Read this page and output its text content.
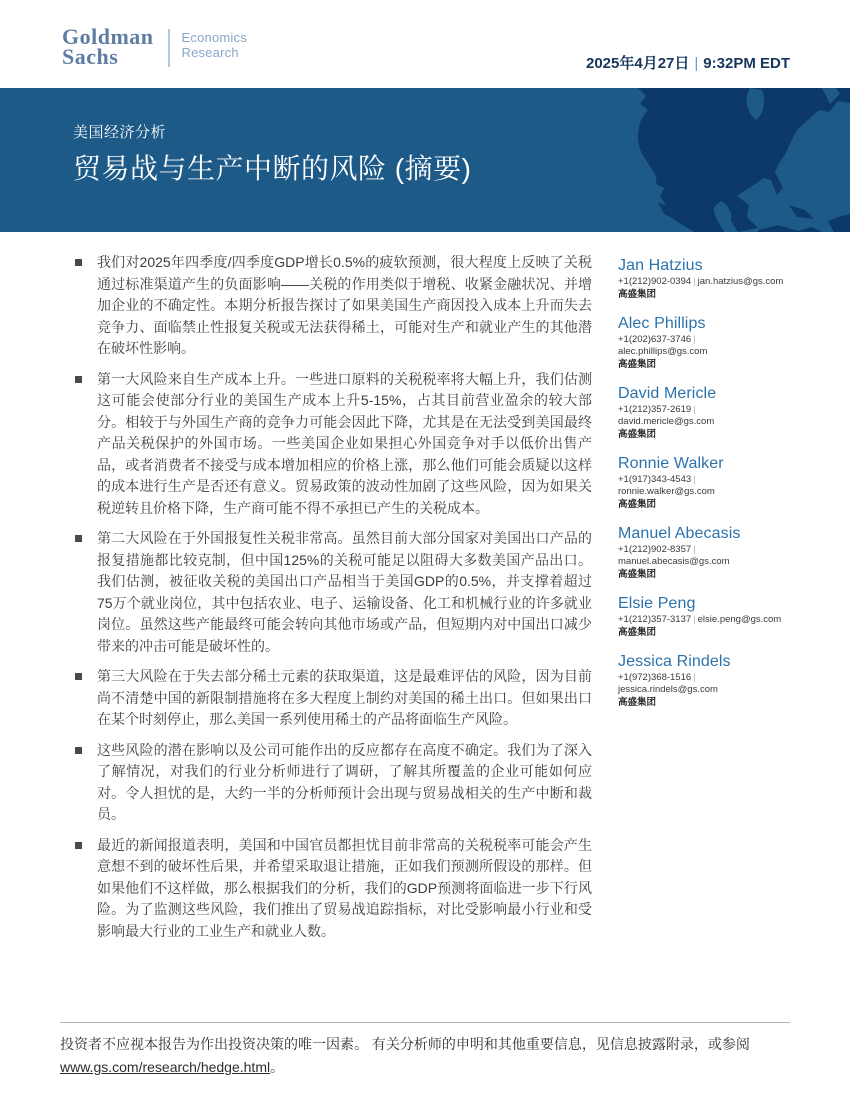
Goldman
Sachs
Economics
Research
2025年4月27日 | 9:32PM EDT
美国经济分析
贸易战与生产中断的风险 (摘要)
我们对2025年四季度/四季度GDP增长0.5%的疲软预测，很大程度上反映了关税通过标准渠道产生的负面影响——关税的作用类似于增税、收紧金融状况、并增加企业的不确定性。本期分析报告探讨了如果美国生产商因投入成本上升而失去竞争力、面临禁止性报复关税或无法获得稀土，可能对生产和就业产生的其他潜在破坏性影响。
第一大风险来自生产成本上升。一些进口原料的关税税率将大幅上升，我们估测这可能会使部分行业的美国生产成本上升5-15%，占其目前营业盈余的较大部分。相较于与外国生产商的竞争力可能会因此下降，尤其是在无法受到美国最终产品关税保护的外国市场。一些美国企业如果担心外国竞争对手以低价出售产品，或者消费者不接受与成本增加相应的价格上涨，那么他们可能会质疑以这样的成本进行生产是否还有意义。贸易政策的波动性加剧了这些风险，因为如果关税逆转且价格下降，生产商可能不得不承担已产生的关税成本。
第二大风险在于外国报复性关税非常高。虽然目前大部分国家对美国出口产品的报复措施都比较克制，但中国125%的关税可能足以阻碍大多数美国产品出口。我们估测，被征收关税的美国出口产品相当于美国GDP的0.5%，并支撑着超过75万个就业岗位，其中包括农业、电子、运输设备、化工和机械行业的许多就业岗位。虽然这些产能最终可能会转向其他市场或产品，但短期内对中国出口减少带来的冲击可能是破坏性的。
第三大风险在于失去部分稀土元素的获取渠道，这是最难评估的风险，因为目前尚不清楚中国的新限制措施将在多大程度上制约对美国的稀土出口。但如果出口在某个时刻停止，那么美国一系列使用稀土的产品将面临生产风险。
这些风险的潜在影响以及公司可能作出的反应都存在高度不确定。我们为了深入了解情况，对我们的行业分析师进行了调研，了解其所覆盖的企业可能如何应对。令人担忧的是，大约一半的分析师预计会出现与贸易战相关的生产中断和裁员。
最近的新闻报道表明，美国和中国官员都担忧目前非常高的关税税率可能会产生意想不到的破坏性后果，并希望采取退让措施，正如我们预测所假设的那样。但如果他们不这样做，那么根据我们的分析，我们的GDP预测将面临进一步下行风险。为了监测这些风险，我们推出了贸易战追踪指标，对比受影响最小行业和受影响最大行业的工业生产和就业人数。
Jan Hatzius
+1(212)902-0394 | jan.hatzius@gs.com
高盛集团
Alec Phillips
+1(202)637-3746 |
alec.phillips@gs.com
高盛集团
David Mericle
+1(212)357-2619 |
david.mericle@gs.com
高盛集团
Ronnie Walker
+1(917)343-4543 |
ronnie.walker@gs.com
高盛集团
Manuel Abecasis
+1(212)902-8357 |
manuel.abecasis@gs.com
高盛集团
Elsie Peng
+1(212)357-3137 | elsie.peng@gs.com
高盛集团
Jessica Rindels
+1(972)368-1516 |
jessica.rindels@gs.com
高盛集团
投资者不应视本报告为作出投资决策的唯一因素。 有关分析师的申明和其他重要信息，见信息披露附录，或参阅 www.gs.com/research/hedge.html。
